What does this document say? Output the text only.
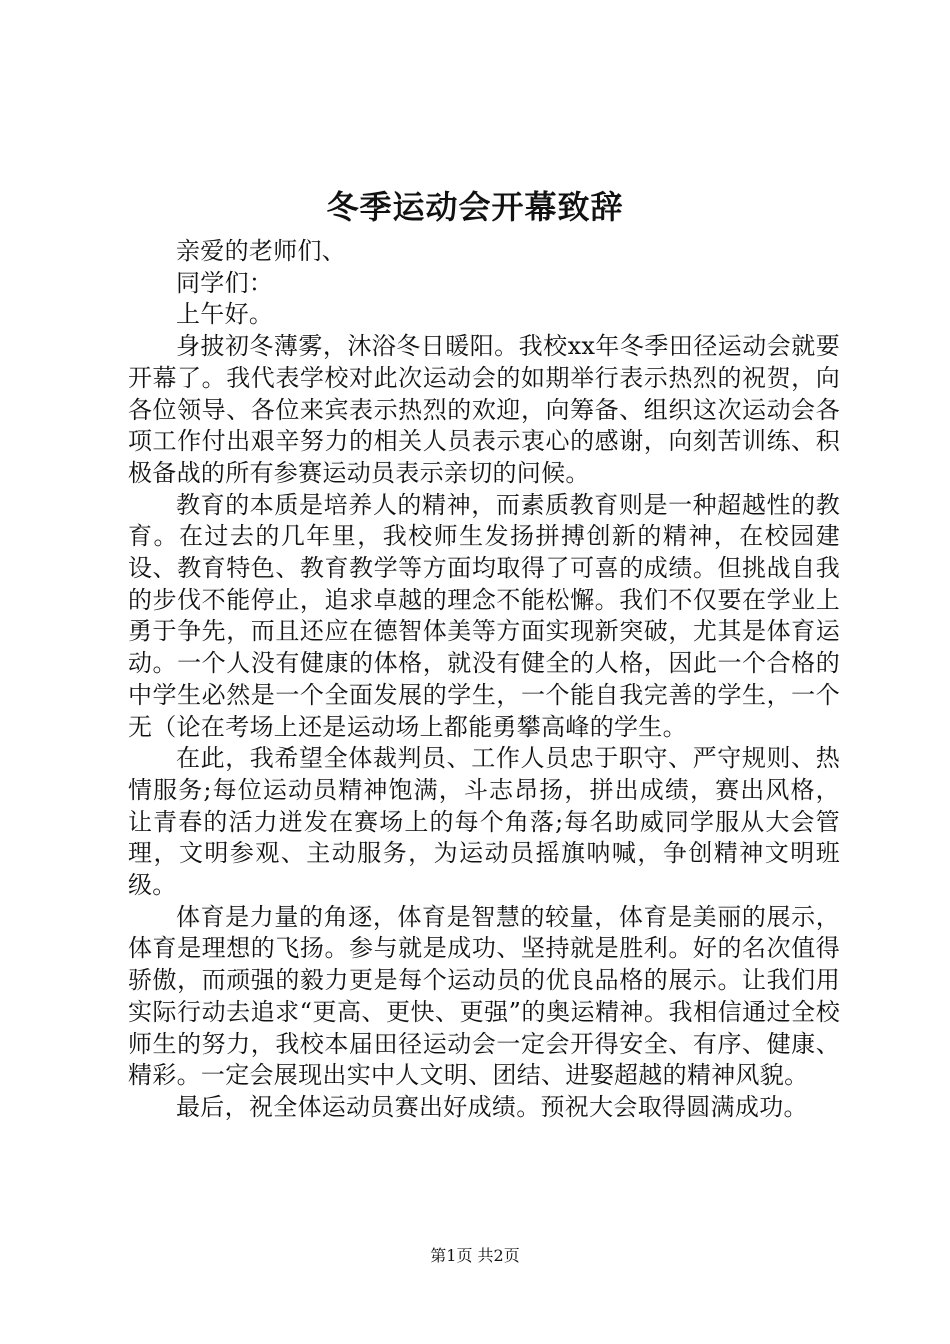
冬季运动会开幕致辞

亲爱的老师们、

同学们：

上午好。

身披初冬薄雾，沐浴冬日暖阳。我校xx年冬季田径运动会就要开幕了。我代表学校对此次运动会的如期举行表示热烈的祝贺，向各位领导、各位来宾表示热烈的欢迎，向筹备、组织这次运动会各项工作付出艰辛努力的相关人员表示衷心的感谢，向刻苦训练、积极备战的所有参赛运动员表示亲切的问候。

教育的本质是培养人的精神，而素质教育则是一种超越性的教育。在过去的几年里，我校师生发扬拼搏创新的精神，在校园建设、教育特色、教育教学等方面均取得了可喜的成绩。但挑战自我的步伐不能停止，追求卓越的理念不能松懈。我们不仅要在学业上勇于争先，而且还应在德智体美等方面实现新突破，尤其是体育运动。一个人没有健康的体格，就没有健全的人格，因此一个合格的中学生必然是一个全面发展的学生，一个能自我完善的学生，一个无（论在考场上还是运动场上都能勇攀高峰的学生。

在此，我希望全体裁判员、工作人员忠于职守、严守规则、热情服务;每位运动员精神饱满，斗志昂扬，拼出成绩，赛出风格，让青春的活力迸发在赛场上的每个角落;每名助威同学服从大会管理，文明参观、主动服务，为运动员摇旗呐喊，争创精神文明班级。

体育是力量的角逐，体育是智慧的较量，体育是美丽的展示，体育是理想的飞扬。参与就是成功、坚持就是胜利。好的名次值得骄傲，而顽强的毅力更是每个运动员的优良品格的展示。让我们用实际行动去追求“更高、更快、更强”的奥运精神。我相信通过全校师生的努力，我校本届田径运动会一定会开得安全、有序、健康、精彩。一定会展现出实中人文明、团结、进娶超越的精神风貌。

最后，祝全体运动员赛出好成绩。预祝大会取得圆满成功。

第1页 共2页
